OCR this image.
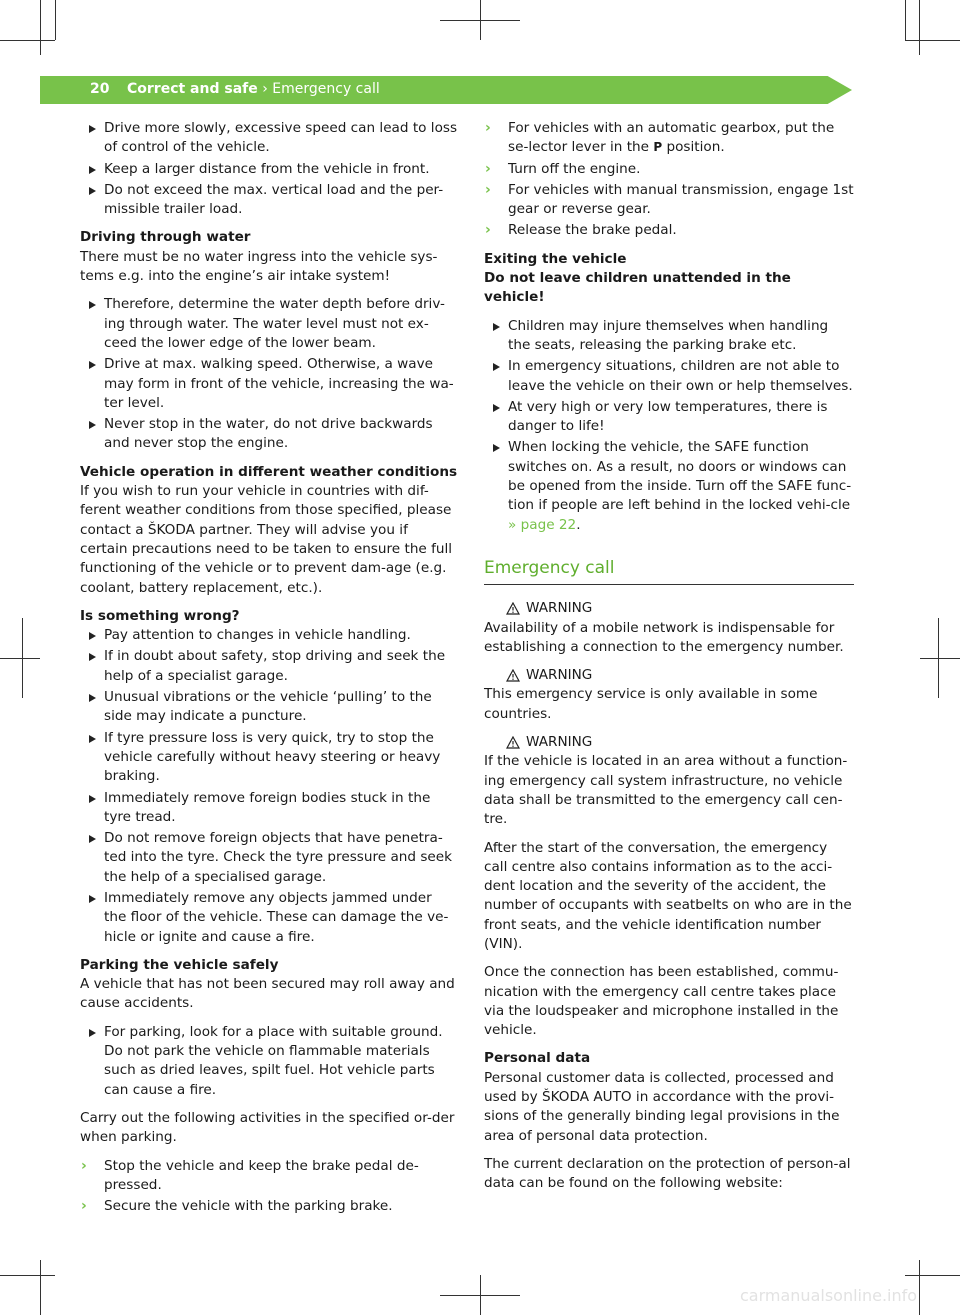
20 Correct and safe › Emergency call
Drive more slowly, excessive speed can lead to loss of control of the vehicle.
Keep a larger distance from the vehicle in front.
Do not exceed the max. vertical load and the per-missible trailer load.

Driving through water
There must be no water ingress into the vehicle sys-tems e.g. into the engine’s air intake system!

Therefore, determine the water depth before driv-ing through water. The water level must not ex-ceed the lower edge of the lower beam.
Drive at max. walking speed. Otherwise, a wave may form in front of the vehicle, increasing the wa-ter level.
Never stop in the water, do not drive backwards and never stop the engine.

Vehicle operation in different weather conditions
If you wish to run your vehicle in countries with dif-ferent weather conditions from those specified, please contact a ŠKODA partner. They will advise you if certain precautions need to be taken to ensure the full functioning of the vehicle or to prevent dam-age (e.g. coolant, battery replacement, etc.).

Is something wrong?
Pay attention to changes in vehicle handling.
If in doubt about safety, stop driving and seek the help of a specialist garage.
Unusual vibrations or the vehicle ‘pulling’ to the side may indicate a puncture.
If tyre pressure loss is very quick, try to stop the vehicle carefully without heavy steering or heavy braking.
Immediately remove foreign bodies stuck in the tyre tread.
Do not remove foreign objects that have penetra-ted into the tyre. Check the tyre pressure and seek the help of a specialised garage.
Immediately remove any objects jammed under the floor of the vehicle. These can damage the ve-hicle or ignite and cause a fire.

Parking the vehicle safely
A vehicle that has not been secured may roll away and cause accidents.

For parking, look for a place with suitable ground. Do not park the vehicle on flammable materials such as dried leaves, spilt fuel. Hot vehicle parts can cause a fire.

Carry out the following activities in the specified or-der when parking.

› Stop the vehicle and keep the brake pedal de-pressed.
› Secure the vehicle with the parking brake.
› For vehicles with an automatic gearbox, put the se-lector lever in the P position.
› Turn off the engine.
› For vehicles with manual transmission, engage 1st gear or reverse gear.
› Release the brake pedal.

Exiting the vehicle
Do not leave children unattended in the vehicle!

Children may injure themselves when handling the seats, releasing the parking brake etc.
In emergency situations, children are not able to leave the vehicle on their own or help themselves.
At very high or very low temperatures, there is danger to life!
When locking the vehicle, the SAFE function switches on. As a result, no doors or windows can be opened from the inside. Turn off the SAFE func-tion if people are left behind in the locked vehi-cle » page 22.
Emergency call
WARNING
Availability of a mobile network is indispensable for establishing a connection to the emergency number.
WARNING
This emergency service is only available in some countries.
WARNING
If the vehicle is located in an area without a function-ing emergency call system infrastructure, no vehicle data shall be transmitted to the emergency call cen-tre.

After the start of the conversation, the emergency call centre also contains information as to the acci-dent location and the severity of the accident, the number of occupants with seatbelts on who are in the front seats, and the vehicle identification number (VIN).

Once the connection has been established, commu-nication with the emergency call centre takes place via the loudspeaker and microphone installed in the vehicle.

Personal data
Personal customer data is collected, processed and used by ŠKODA AUTO in accordance with the provi-sions of the generally binding legal provisions in the area of personal data protection.

The current declaration on the protection of person-al data can be found on the following website:

carmanualsonline.info
